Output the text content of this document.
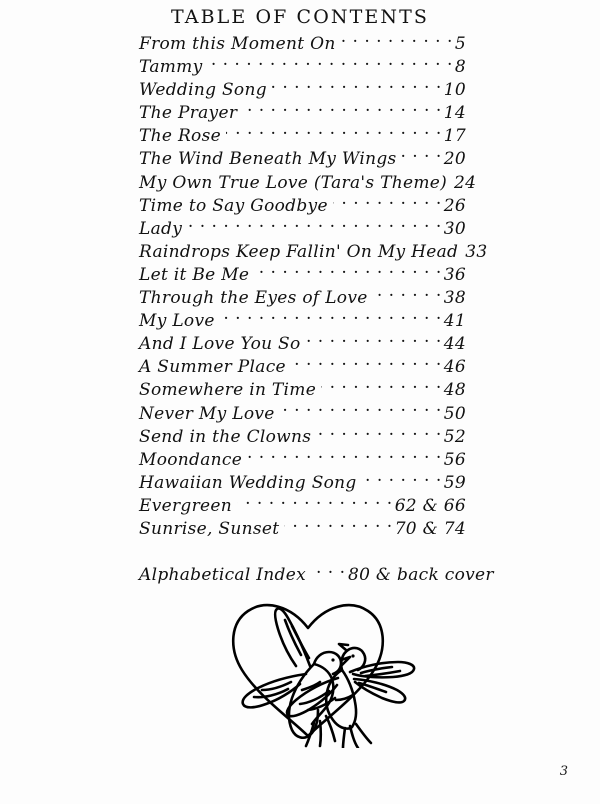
TABLE OF CONTENTS
From this Moment On . . .	5
Tammy . . .	8
Wedding Song . . .	10
The Prayer . . .	14
The Rose . . .	17
The Wind Beneath My Wings . . .	20
My Own True Love (Tara's Theme) 24
Time to Say Goodbye . . .	26
Lady . . .	30
Raindrops Keep Fallin' On My Head 33
Let it Be Me . . .	36
Through the Eyes of Love . . .	38
My Love . . .	41
And I Love You So . . .	44
A Summer Place . . .	46
Somewhere in Time . . .	48
Never My Love . . .	50
Send in the Clowns . . .	52
Moondance . . .	56
Hawaiian Wedding Song . . .	59
Evergreen . . .	62 & 66
Sunrise, Sunset . . .	70 & 74
Alphabetical Index . . . 80 & back cover
3
